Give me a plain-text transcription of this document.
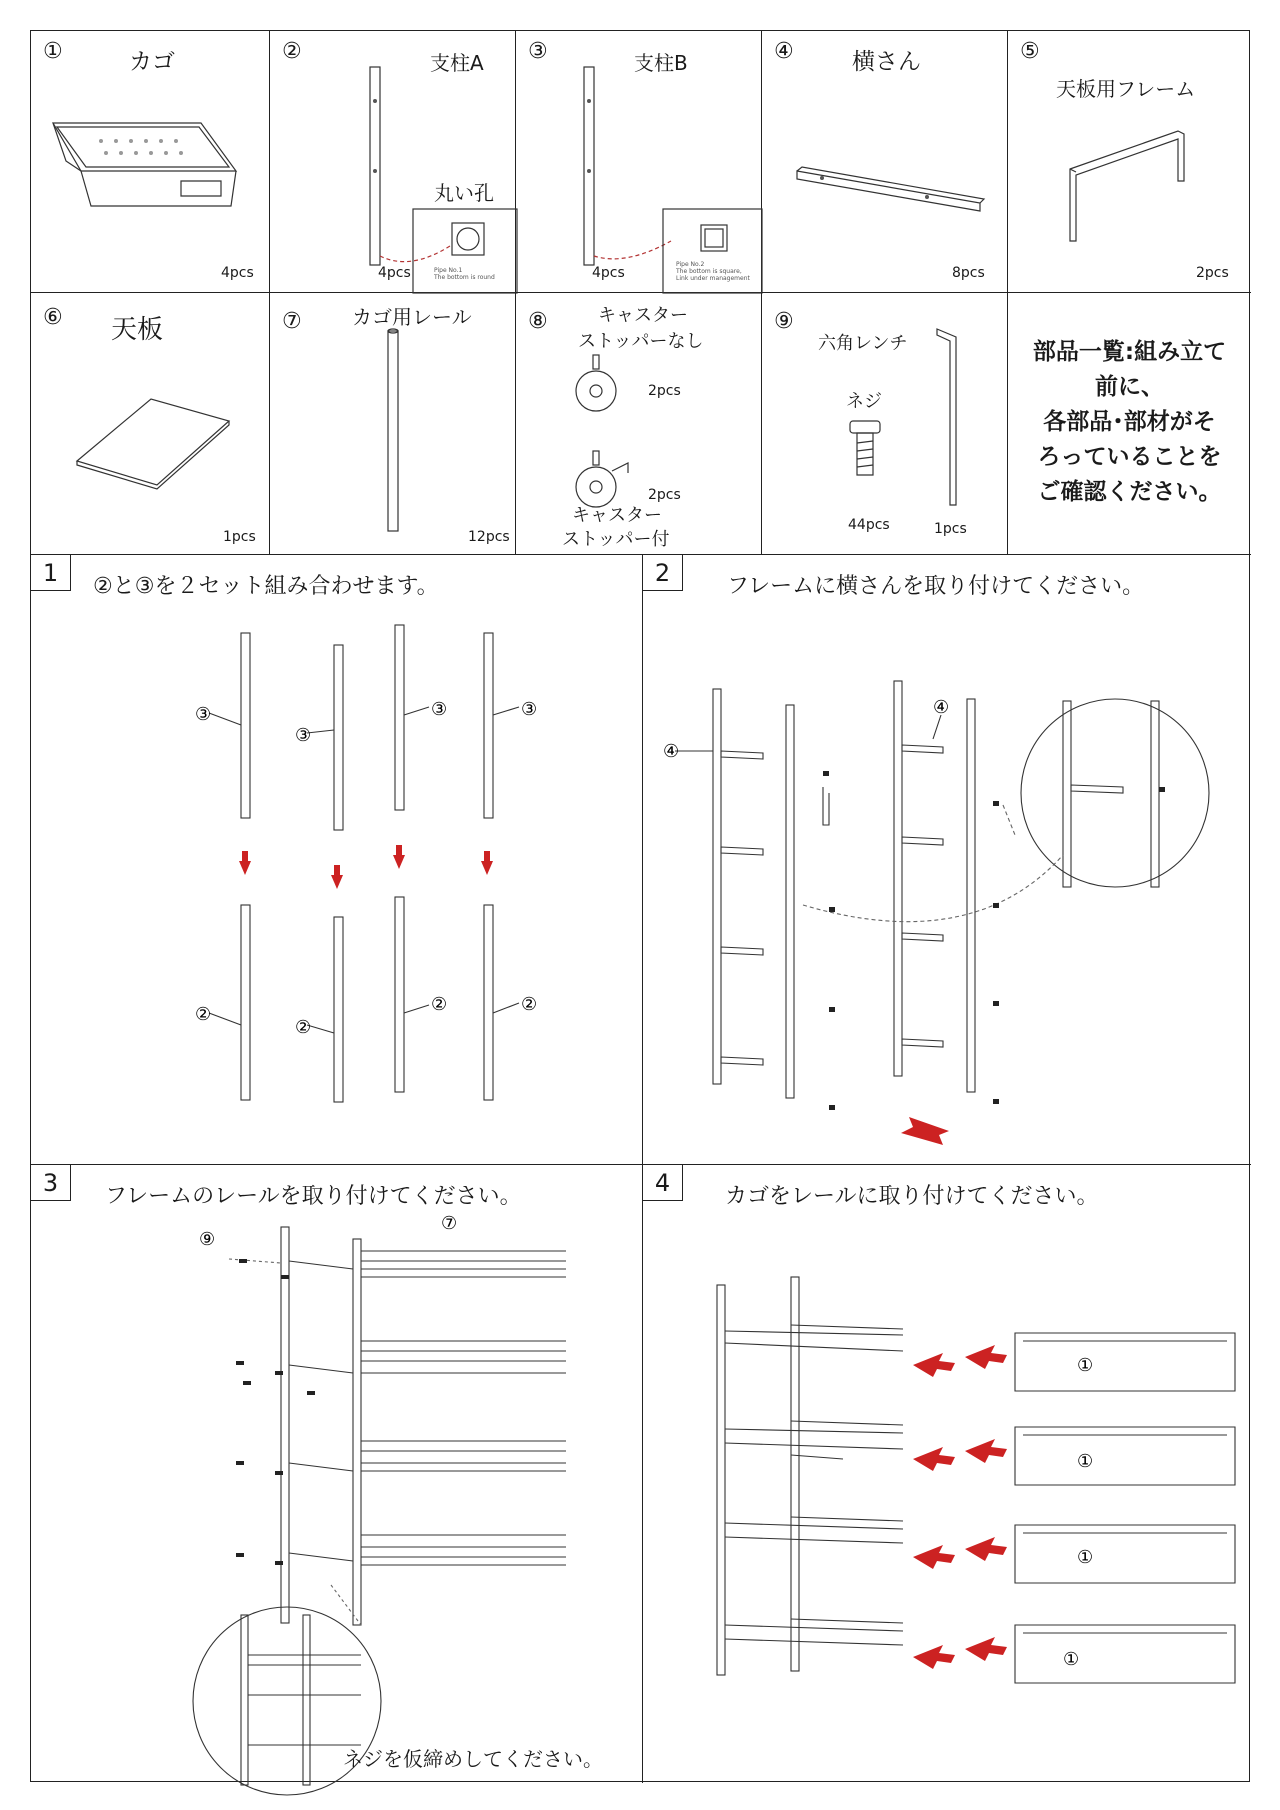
①	カゴ
4pcs
②	支柱A
丸い孔
4pcs	Pipe No.1
The bottom is round
③	支柱B
4pcs
Pipe No.2
The bottom is square,
Link under management
④	横さん
8pcs
⑤
天板用フレーム
2pcs
⑥ 天板
1pcs
⑦	カゴ用レール
12pcs
⑧	キャスター
ストッパーなし
2pcs
2pcs
キャスター
ストッパー付
⑨
六角レンチ
ネジ
44pcs	1pcs
部品一覧:組み立て
前に、
各部品･部材がそ
ろっていることを
ご確認ください。
1	②と③を２セット組み合わせます。
③
③
③	③
②
②
②	②
2	フレームに横さんを取り付けてください。
④
④
3	フレームのレールを取り付けてください。
⑨
⑦
ネジを仮締めしてください。
4	カゴをレールに取り付けてください。
①
①
①
①
